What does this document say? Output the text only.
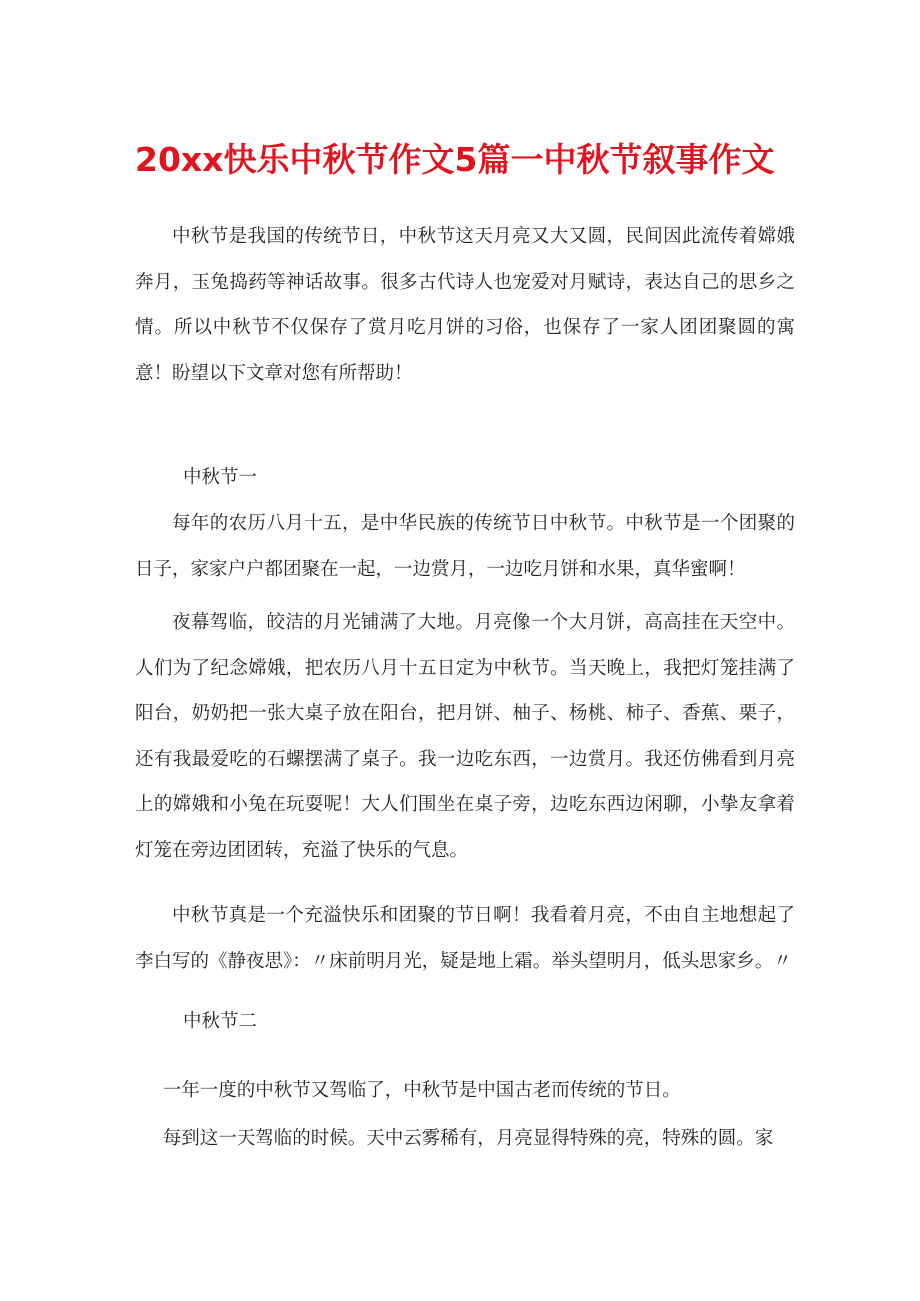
20xx快乐中秋节作文5篇一中秋节叙事作文

中秋节是我国的传统节日，中秋节这天月亮又大又圆，民间因此流传着嫦娥奔月，玉兔捣药等神话故事。很多古代诗人也宠爱对月赋诗，表达自己的思乡之情。所以中秋节不仅保存了赏月吃月饼的习俗，也保存了一家人团团聚圆的寓意！盼望以下文章对您有所帮助！

中秋节一

每年的农历八月十五，是中华民族的传统节日中秋节。中秋节是一个团聚的日子，家家户户都团聚在一起，一边赏月，一边吃月饼和水果，真华蜜啊！

夜幕驾临，皎洁的月光铺满了大地。月亮像一个大月饼，高高挂在天空中。人们为了纪念嫦娥，把农历八月十五日定为中秋节。当天晚上，我把灯笼挂满了阳台，奶奶把一张大桌子放在阳台，把月饼、柚子、杨桃、柿子、香蕉、栗子，还有我最爱吃的石螺摆满了桌子。我一边吃东西，一边赏月。我还仿佛看到月亮上的嫦娥和小兔在玩耍呢！大人们围坐在桌子旁，边吃东西边闲聊，小挚友拿着灯笼在旁边团团转，充溢了快乐的气息。

中秋节真是一个充溢快乐和团聚的节日啊！我看着月亮，不由自主地想起了李白写的《静夜思》：〃床前明月光，疑是地上霜。举头望明月，低头思家乡。〃

中秋节二

一年一度的中秋节又驾临了，中秋节是中国古老而传统的节日。

每到这一天驾临的时候。天中云雾稀有，月亮显得特殊的亮，特殊的圆。家
